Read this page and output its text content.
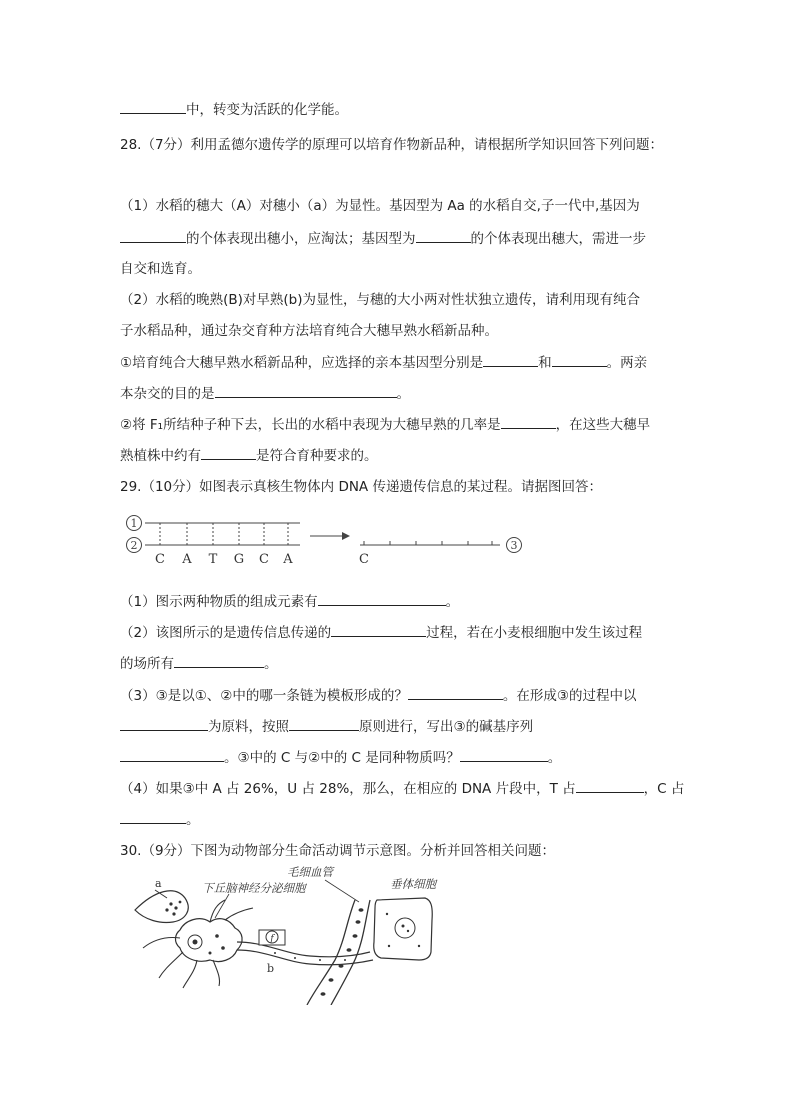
中，转变为活跃的化学能。
28.（7分）利用孟德尔遗传学的原理可以培育作物新品种，请根据所学知识回答下列问题：
（1）水稻的穗大（A）对穗小（a）为显性。基因型为 Aa 的水稻自交,子一代中,基因为
的个体表现出穗小，应淘汰；基因型为	的个体表现出穗大，需进一步
自交和选育。
（2）水稻的晚熟(B)对早熟(b)为显性，与穗的大小两对性状独立遗传，请利用现有纯合
子水稻品种，通过杂交育种方法培育纯合大穗早熟水稻新品种。
①培育纯合大穗早熟水稻新品种，应选择的亲本基因型分别是	和	。两亲
本杂交的目的是	。
②将 F₁所结种子种下去，长出的水稻中表现为大穗早熟的几率是	，在这些大穗早
熟植株中约有	是符合育种要求的。
29.（10分）如图表示真核生物体内 DNA 传递遗传信息的某过程。请据图回答：
1
2
C A T G C A	C
3
（1）图示两种物质的组成元素有	。
（2）该图所示的是遗传信息传递的	过程，若在小麦根细胞中发生该过程
的场所有	。
（3）③是以①、②中的哪一条链为模板形成的？	。在形成③的过程中以
为原料，按照	原则进行，写出③的碱基序列
。③中的 C 与②中的 C 是同种物质吗？	。
（4）如果③中 A 占 26%，U 占 28%，那么，在相应的 DNA 片段中，T 占	，C 占
。
30.（9分）下图为动物部分生命活动调节示意图。分析并回答相关问题：
a	下丘脑神经分泌细胞
b
f
毛细血管
垂体细胞
